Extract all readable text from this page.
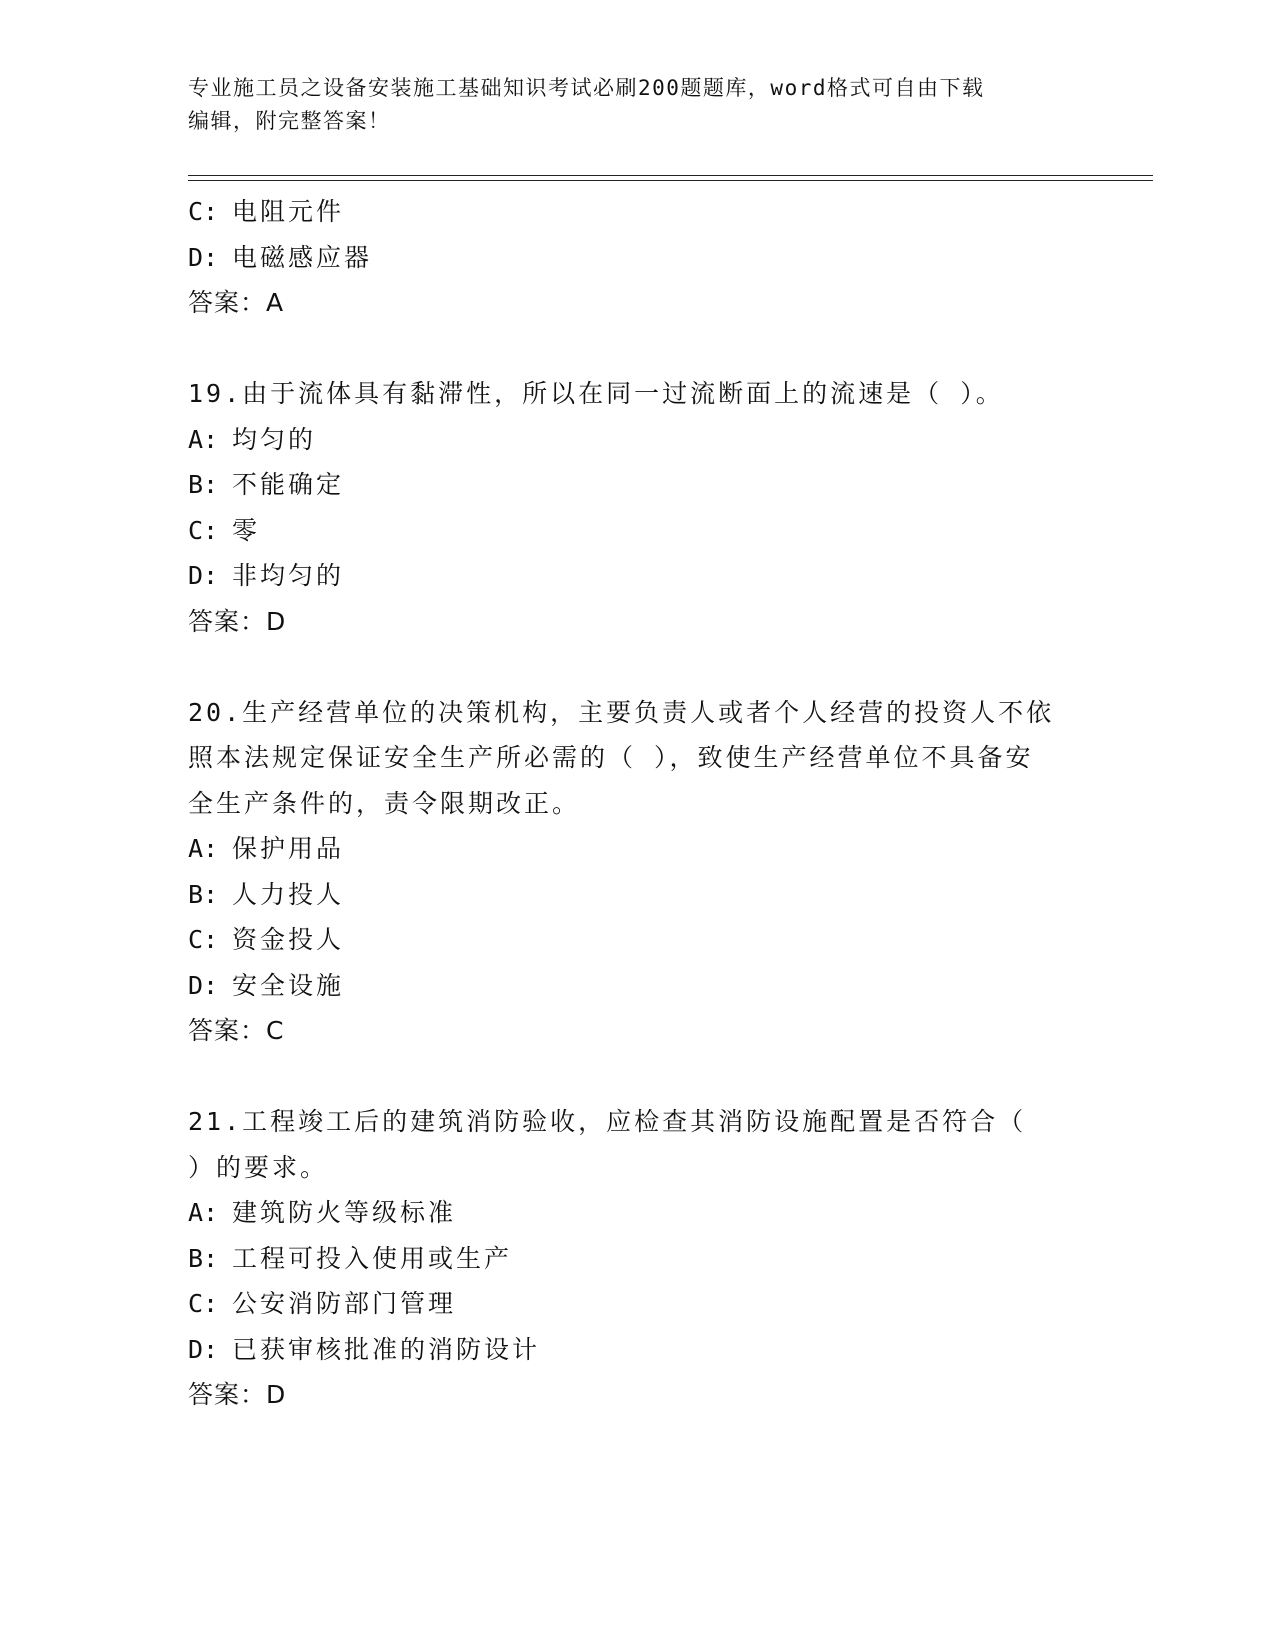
专业施工员之设备安装施工基础知识考试必刷200题题库，word格式可自由下载
编辑，附完整答案！

C: 电阻元件

D: 电磁感应器

答案：A

19.由于流体具有黏滞性，所以在同一过流断面上的流速是（ ）。

A: 均匀的

B: 不能确定

C: 零

D: 非均匀的

答案：D

20.生产经营单位的决策机构，主要负责人或者个人经营的投资人不依

照本法规定保证安全生产所必需的（ ），致使生产经营单位不具备安

全生产条件的，责令限期改正。

A: 保护用品

B: 人力投人

C: 资金投人

D: 安全设施

答案：C

21.工程竣工后的建筑消防验收，应检查其消防设施配置是否符合（

）的要求。

A: 建筑防火等级标准

B: 工程可投入使用或生产

C: 公安消防部门管理

D: 已获审核批准的消防设计

答案：D
